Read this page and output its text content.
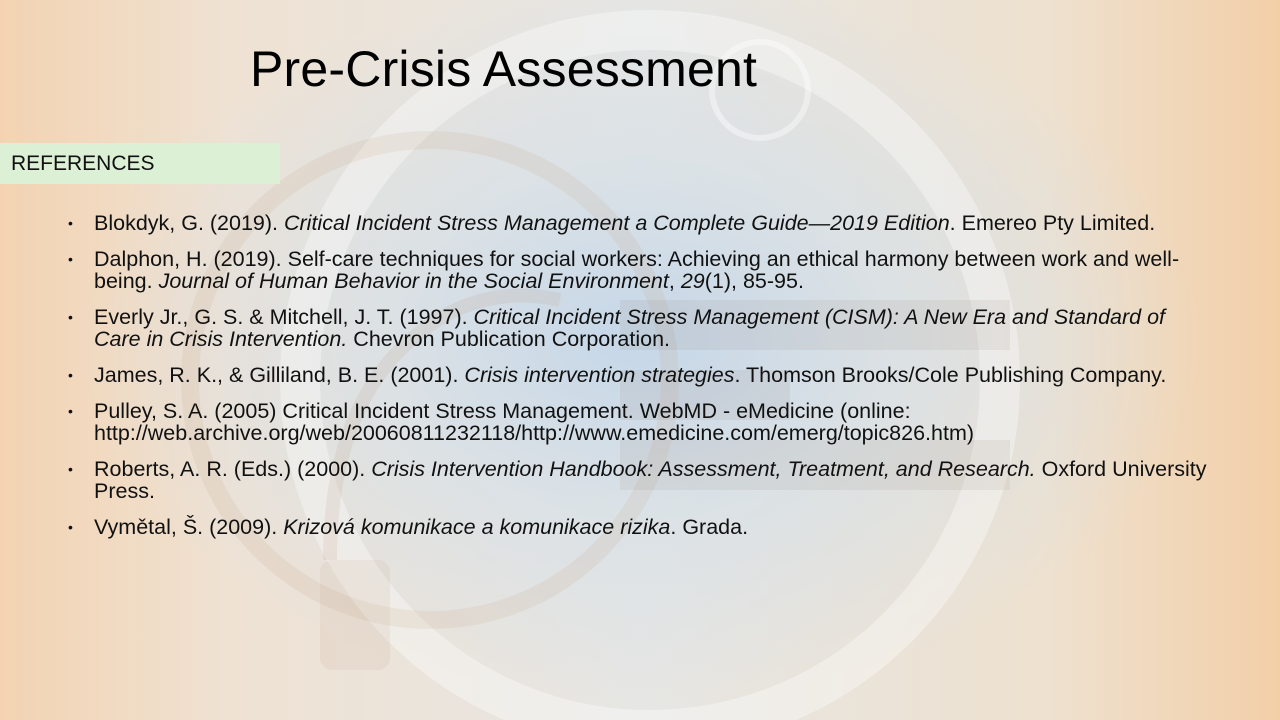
Pre-Crisis Assessment
REFERENCES
• Blokdyk, G. (2019). Critical Incident Stress Management a Complete Guide—2019 Edition. Emereo Pty Limited.
• Dalphon, H. (2019). Self-care techniques for social workers: Achieving an ethical harmony between work and well-being. Journal of Human Behavior in the Social Environment, 29(1), 85-95.
• Everly Jr., G. S. & Mitchell, J. T. (1997). Critical Incident Stress Management (CISM): A New Era and Standard of Care in Crisis Intervention. Chevron Publication Corporation.
• James, R. K., & Gilliland, B. E. (2001). Crisis intervention strategies. Thomson Brooks/Cole Publishing Company.
• Pulley, S. A. (2005) Critical Incident Stress Management. WebMD - eMedicine (online: http://web.archive.org/web/20060811232118/http://www.emedicine.com/emerg/topic826.htm)
• Roberts, A. R. (Eds.) (2000). Crisis Intervention Handbook: Assessment, Treatment, and Research. Oxford University Press.
• Vymětal, Š. (2009). Krizová komunikace a komunikace rizika. Grada.
